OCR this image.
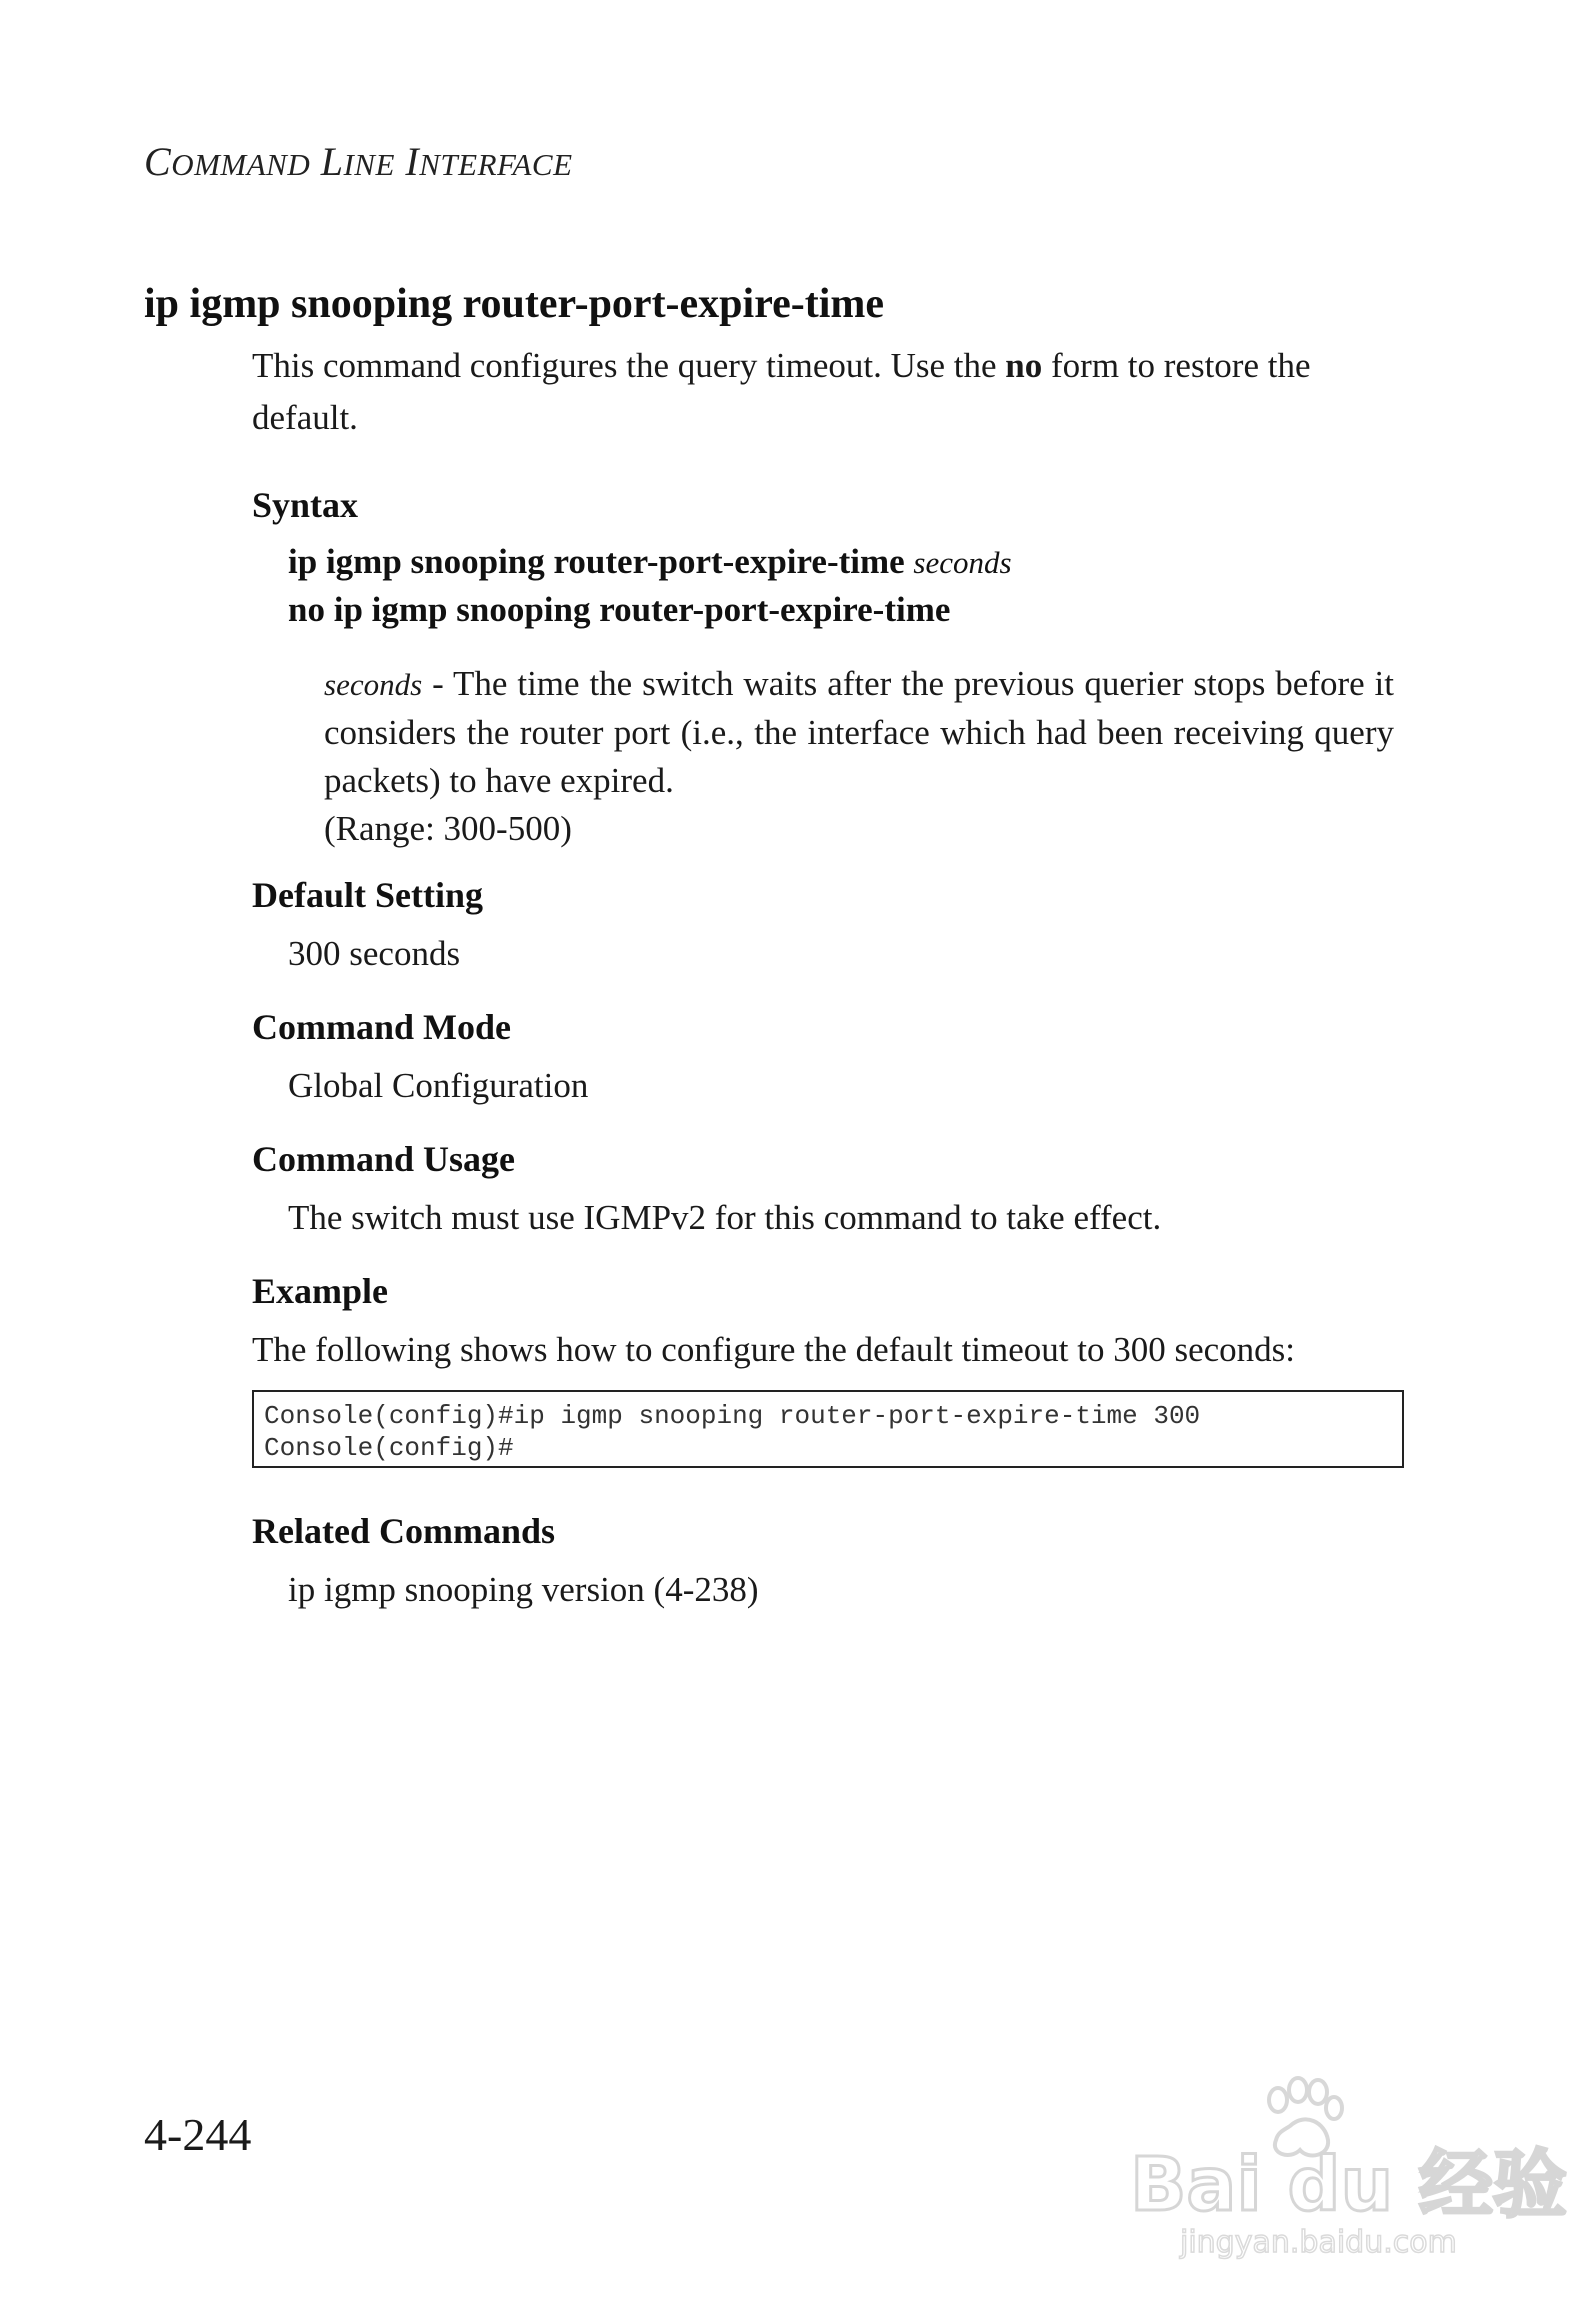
COMMAND LINE INTERFACE
ip igmp snooping router-port-expire-time
This command configures the query timeout. Use the no form to restore the default.
Syntax
ip igmp snooping router-port-expire-time seconds
no ip igmp snooping router-port-expire-time
seconds - The time the switch waits after the previous querier stops before it considers the router port (i.e., the interface which had been receiving query packets) to have expired.
(Range: 300-500)
Default Setting
300 seconds
Command Mode
Global Configuration
Command Usage
The switch must use IGMPv2 for this command to take effect.
Example
The following shows how to configure the default timeout to 300 seconds:
Console(config)#ip igmp snooping router-port-expire-time 300
Console(config)#
Related Commands
ip igmp snooping version (4-238)
4-244
Bai du 经验
jingyan.baidu.com
